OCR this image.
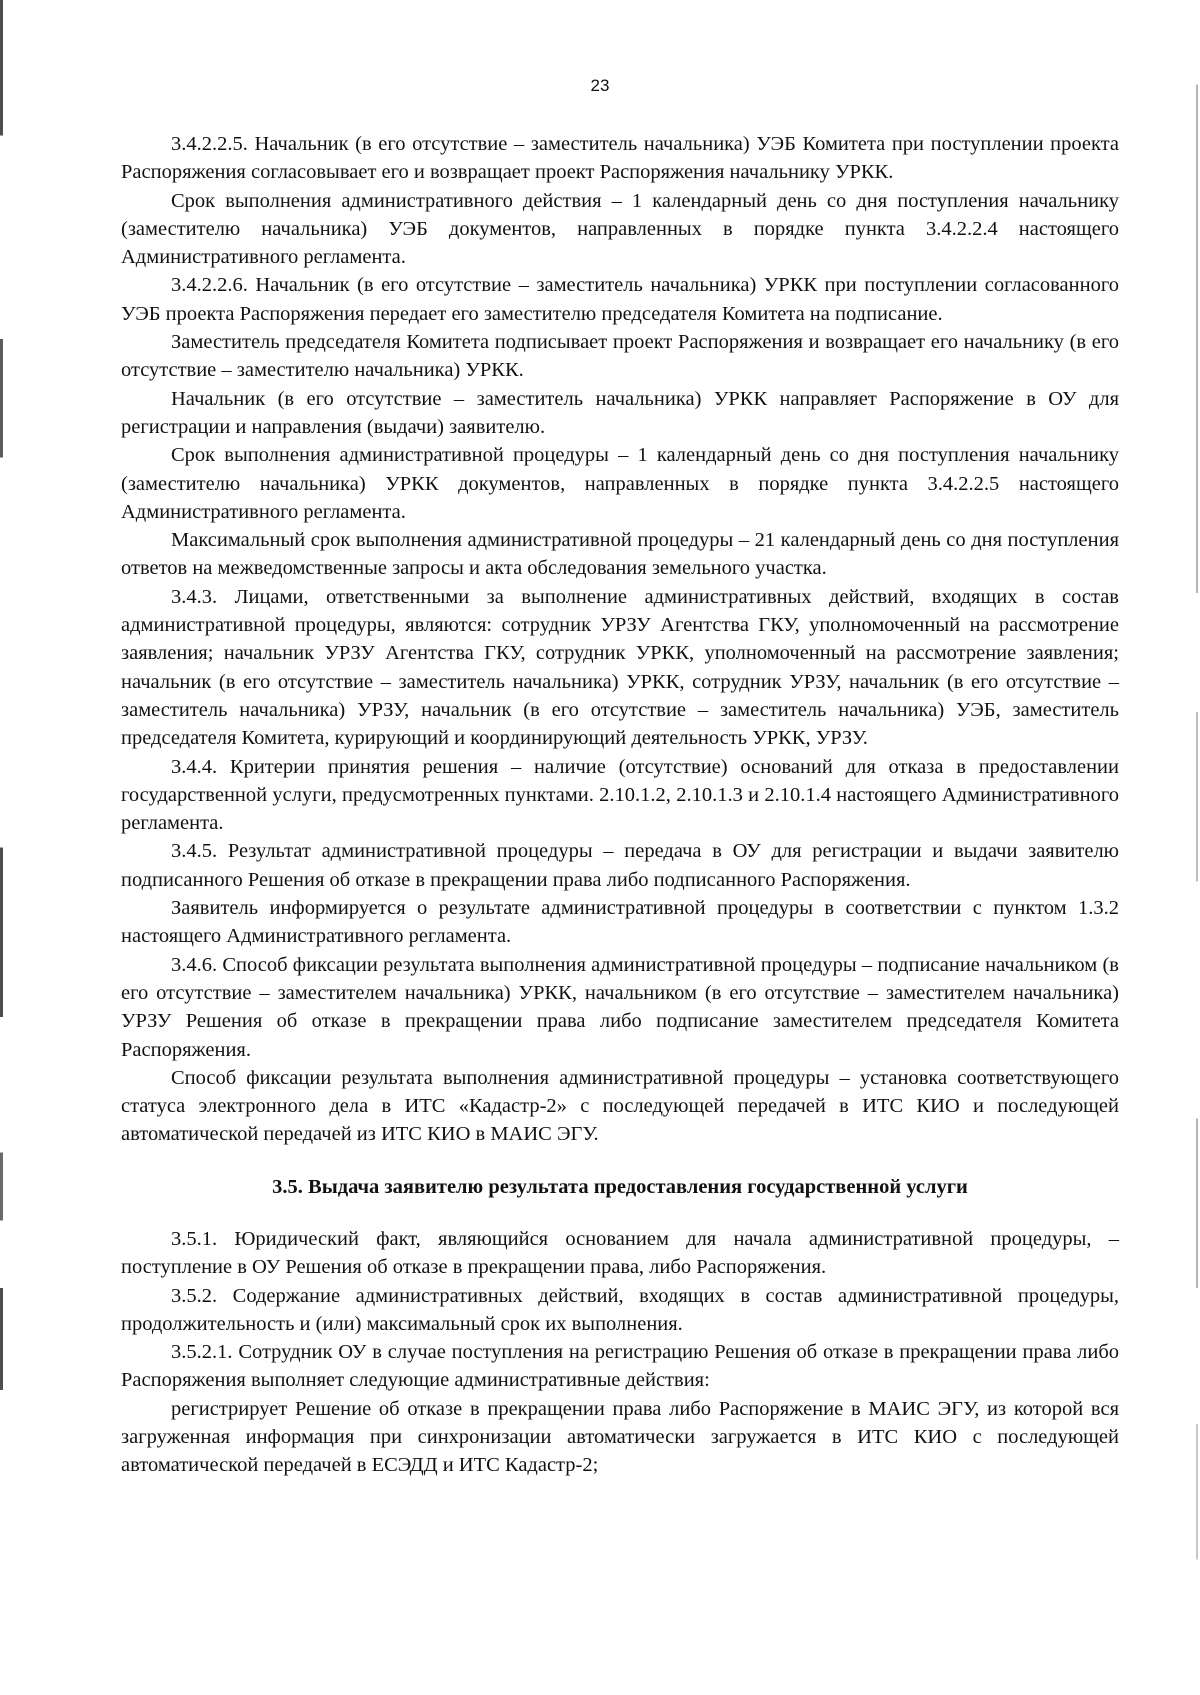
23

3.4.2.2.5. Начальник (в его отсутствие – заместитель начальника) УЭБ Комитета при поступлении проекта Распоряжения согласовывает его и возвращает проект Распоряжения начальнику УРКК.

Срок выполнения административного действия – 1 календарный день со дня поступления начальнику (заместителю начальника) УЭБ документов, направленных в порядке пункта 3.4.2.2.4 настоящего Административного регламента.

3.4.2.2.6. Начальник (в его отсутствие – заместитель начальника) УРКК при поступлении согласованного УЭБ проекта Распоряжения передает его заместителю председателя Комитета на подписание.

Заместитель председателя Комитета подписывает проект Распоряжения и возвращает его начальнику (в его отсутствие – заместителю начальника) УРКК.

Начальник (в его отсутствие – заместитель начальника) УРКК направляет Распоряжение в ОУ для регистрации и направления (выдачи) заявителю.

Срок выполнения административной процедуры – 1 календарный день со дня поступления начальнику (заместителю начальника) УРКК документов, направленных в порядке пункта 3.4.2.2.5 настоящего Административного регламента.

Максимальный срок выполнения административной процедуры – 21 календарный день со дня поступления ответов на межведомственные запросы и акта обследования земельного участка.

3.4.3. Лицами, ответственными за выполнение административных действий, входящих в состав административной процедуры, являются: сотрудник УРЗУ Агентства ГКУ, уполномоченный на рассмотрение заявления; начальник УРЗУ Агентства ГКУ, сотрудник УРКК, уполномоченный на рассмотрение заявления; начальник (в его отсутствие – заместитель начальника) УРКК, сотрудник УРЗУ, начальник (в его отсутствие – заместитель начальника) УРЗУ, начальник (в его отсутствие – заместитель начальника) УЭБ, заместитель председателя Комитета, курирующий и координирующий деятельность УРКК, УРЗУ.

3.4.4. Критерии принятия решения – наличие (отсутствие) оснований для отказа в предоставлении государственной услуги, предусмотренных пунктами. 2.10.1.2, 2.10.1.3 и 2.10.1.4 настоящего Административного регламента.

3.4.5. Результат административной процедуры – передача в ОУ для регистрации и выдачи заявителю подписанного Решения об отказе в прекращении права либо подписанного Распоряжения.

Заявитель информируется о результате административной процедуры в соответствии с пунктом 1.3.2 настоящего Административного регламента.

3.4.6. Способ фиксации результата выполнения административной процедуры – подписание начальником (в его отсутствие – заместителем начальника) УРКК, начальником (в его отсутствие – заместителем начальника) УРЗУ Решения об отказе в прекращении права либо подписание заместителем председателя Комитета Распоряжения.

Способ фиксации результата выполнения административной процедуры – установка соответствующего статуса электронного дела в ИТС «Кадастр-2» с последующей передачей в ИТС КИО и последующей автоматической передачей из ИТС КИО в МАИС ЭГУ.

3.5. Выдача заявителю результата предоставления государственной услуги

3.5.1. Юридический факт, являющийся основанием для начала административной процедуры, – поступление в ОУ Решения об отказе в прекращении права, либо Распоряжения.

3.5.2. Содержание административных действий, входящих в состав административной процедуры, продолжительность и (или) максимальный срок их выполнения.

3.5.2.1. Сотрудник ОУ в случае поступления на регистрацию Решения об отказе в прекращении права либо Распоряжения выполняет следующие административные действия:

регистрирует Решение об отказе в прекращении права либо Распоряжение в МАИС ЭГУ, из которой вся загруженная информация при синхронизации автоматически загружается в ИТС КИО с последующей автоматической передачей в ЕСЭДД и ИТС Кадастр-2;
